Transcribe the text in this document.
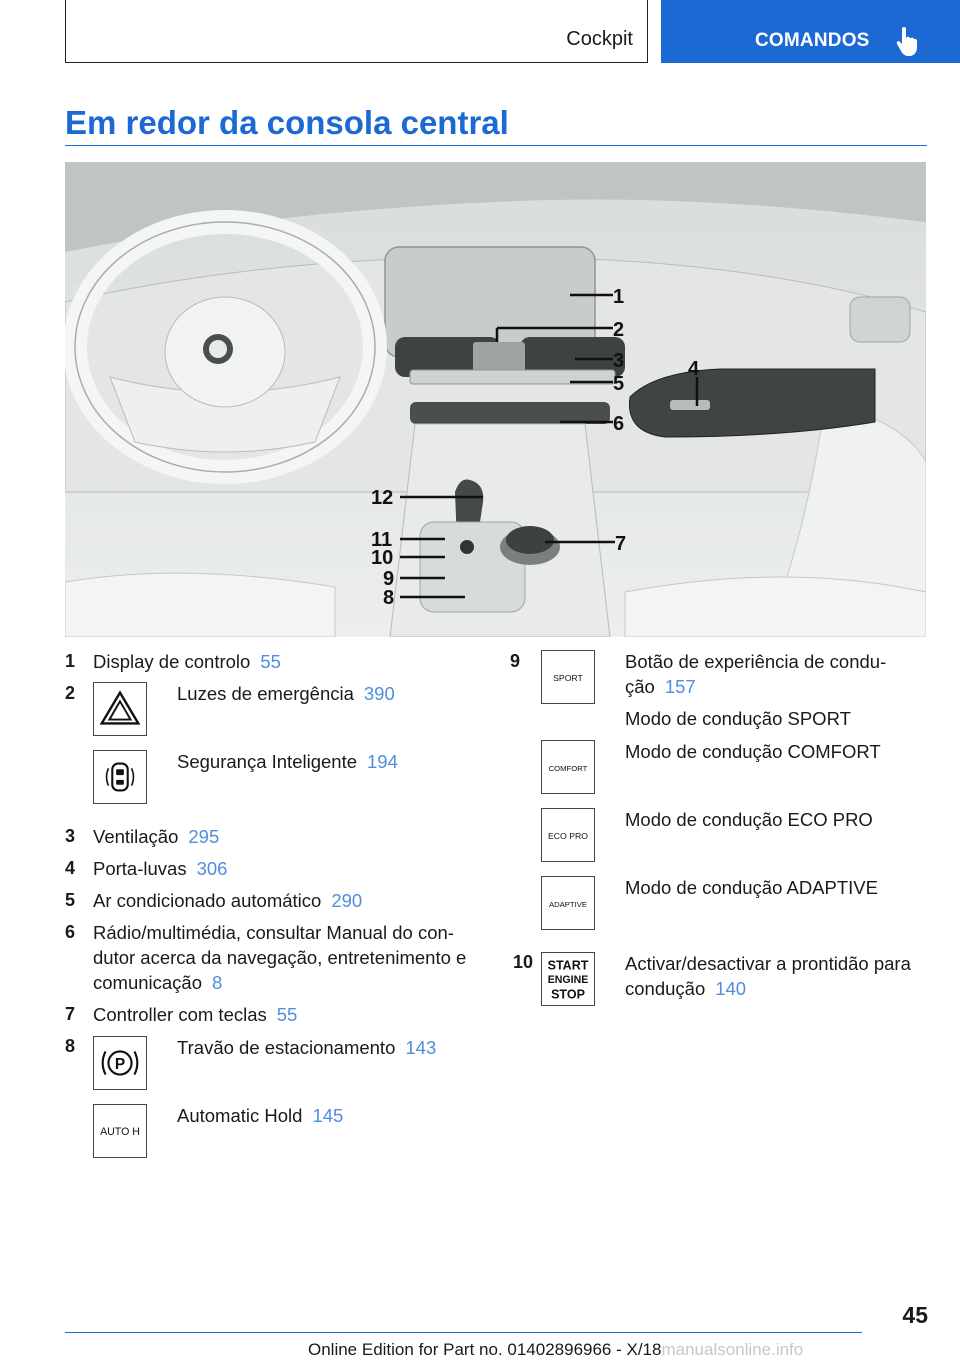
Cockpit	COMANDOS
Em redor da consola central
1
2
3
5
6
4
12
11
10
9
8
7
1 Display de controlo 55
2	Luzes de emergência 390
Segurança Inteligente 194
3 Ventilação 295
4 Porta-luvas 306
5 Ar condicionado automático 290
6 Rádio/multimédia, consultar Manual do con-
dutor acerca da navegação, entretenimento e
comunicação 8
7 Controller com teclas 55
8
P
Travão de estacionamento 143
AUTO H
Automatic Hold 145
9
SPORT
Botão de experiência de condu-
ção 157
Modo de condução SPORT
COMFORT
Modo de condução COMFORT
ECO PRO
Modo de condução ECO PRO
ADAPTIVE
Modo de condução ADAPTIVE
10 START
ENGINE
STOP
Activar/desactivar a prontidão para
condução 140
45
Online Edition for Part no. 01402896966 - X/18manualsonline.info
